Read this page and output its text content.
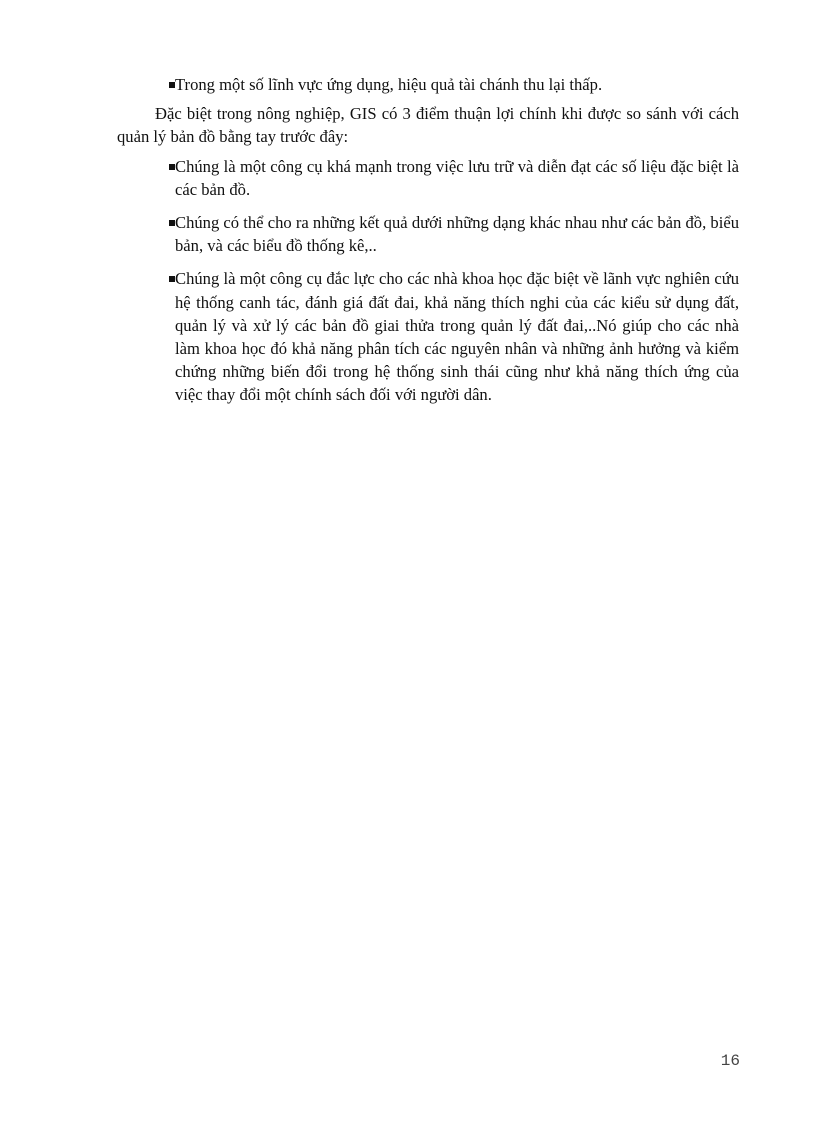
Trong một số lĩnh vực ứng dụng, hiệu quả tài chánh thu lại thấp.
Đặc biệt trong nông nghiệp, GIS có 3 điểm thuận lợi chính khi được so sánh với cách quản lý bản đồ bằng tay trước đây:
Chúng là một công cụ khá mạnh trong việc lưu trữ và diễn đạt các số liệu đặc biệt là các bản đồ.
Chúng có thể cho ra những kết quả dưới những dạng khác nhau như các bản đồ, biểu bản, và các biểu đồ thống kê,..
Chúng là một công cụ đắc lực cho các nhà khoa học đặc biệt về lãnh vực nghiên cứu hệ thống canh tác, đánh giá đất đai, khả năng thích nghi của các kiểu sử dụng đất, quản lý và xử lý các bản đồ giai thửa trong quản lý đất đai,..Nó giúp cho các nhà làm khoa học đó khả năng phân tích các nguyên nhân và những ảnh hưởng và kiểm chứng những biến đổi trong hệ thống sinh thái cũng như khả năng thích ứng của việc thay đổi một chính sách đối với người dân.
16
